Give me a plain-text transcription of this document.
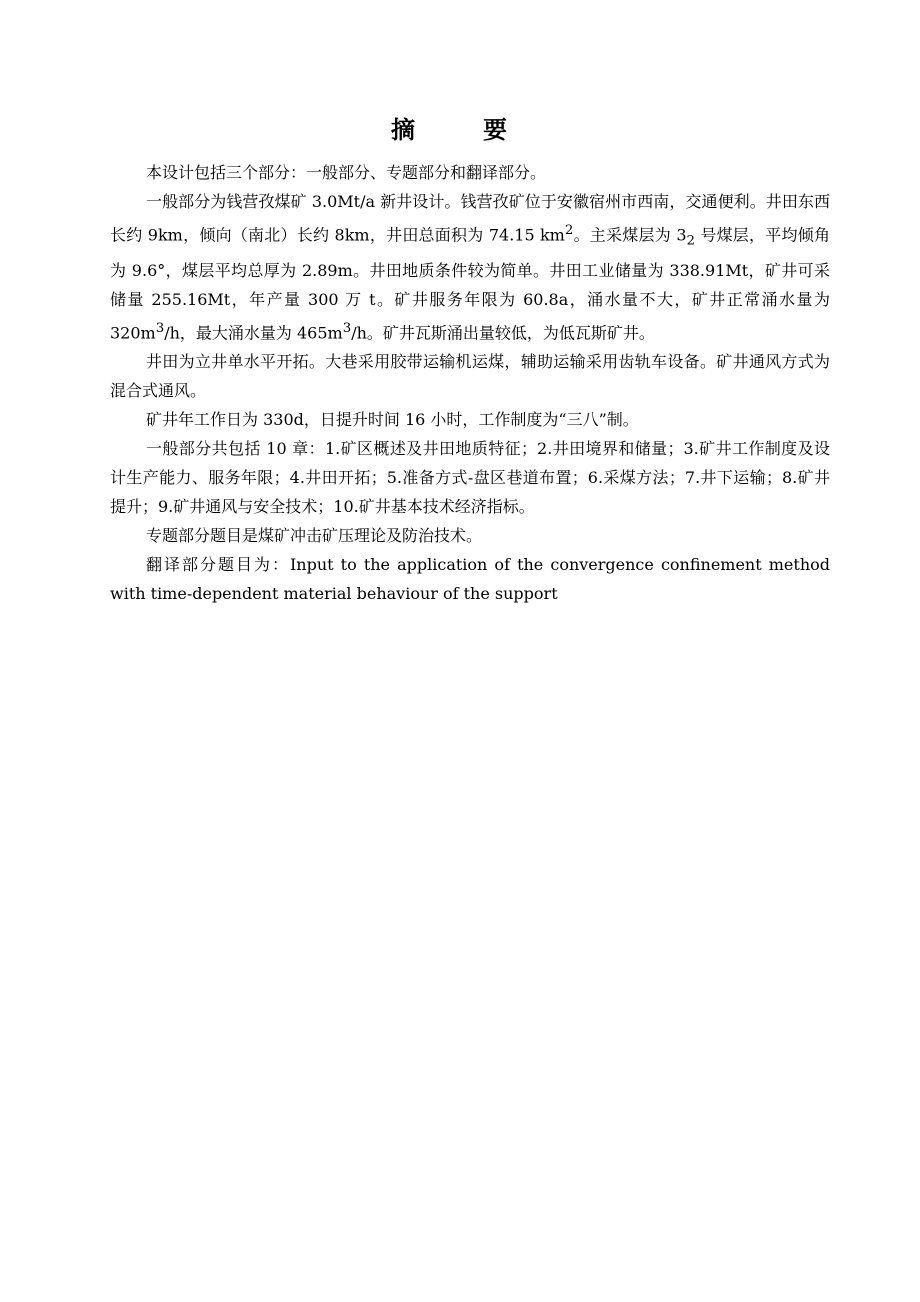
摘　要

本设计包括三个部分：一般部分、专题部分和翻译部分。

一般部分为钱营孜煤矿 3.0Mt/a 新井设计。钱营孜矿位于安徽宿州市西南，交通便利。井田东西长约 9km，倾向（南北）长约 8km，井田总面积为 74.15 $km^2$。主采煤层为 $3_2$ 号煤层，平均倾角为 9.6°，煤层平均总厚为 2.89m。井田地质条件较为简单。井田工业储量为 338.91Mt，矿井可采储量 255.16Mt，年产量 300 万 t。矿井服务年限为 60.8a，涌水量不大，矿井正常涌水量为 $320m^3/h$，最大涌水量为 $465m^3/h$。矿井瓦斯涌出量较低，为低瓦斯矿井。

井田为立井单水平开拓。大巷采用胶带运输机运煤，辅助运输采用齿轨车设备。矿井通风方式为混合式通风。

矿井年工作日为 330d，日提升时间 16 小时，工作制度为“三八”制。

一般部分共包括 10 章：1.矿区概述及井田地质特征；2.井田境界和储量；3.矿井工作制度及设计生产能力、服务年限；4.井田开拓；5.准备方式-盘区巷道布置；6.采煤方法；7.井下运输；8.矿井提升；9.矿井通风与安全技术；10.矿井基本技术经济指标。

专题部分题目是煤矿冲击矿压理论及防治技术。

翻译部分题目为：Input to the application of the convergence confinement method with time-dependent material behaviour of the support
